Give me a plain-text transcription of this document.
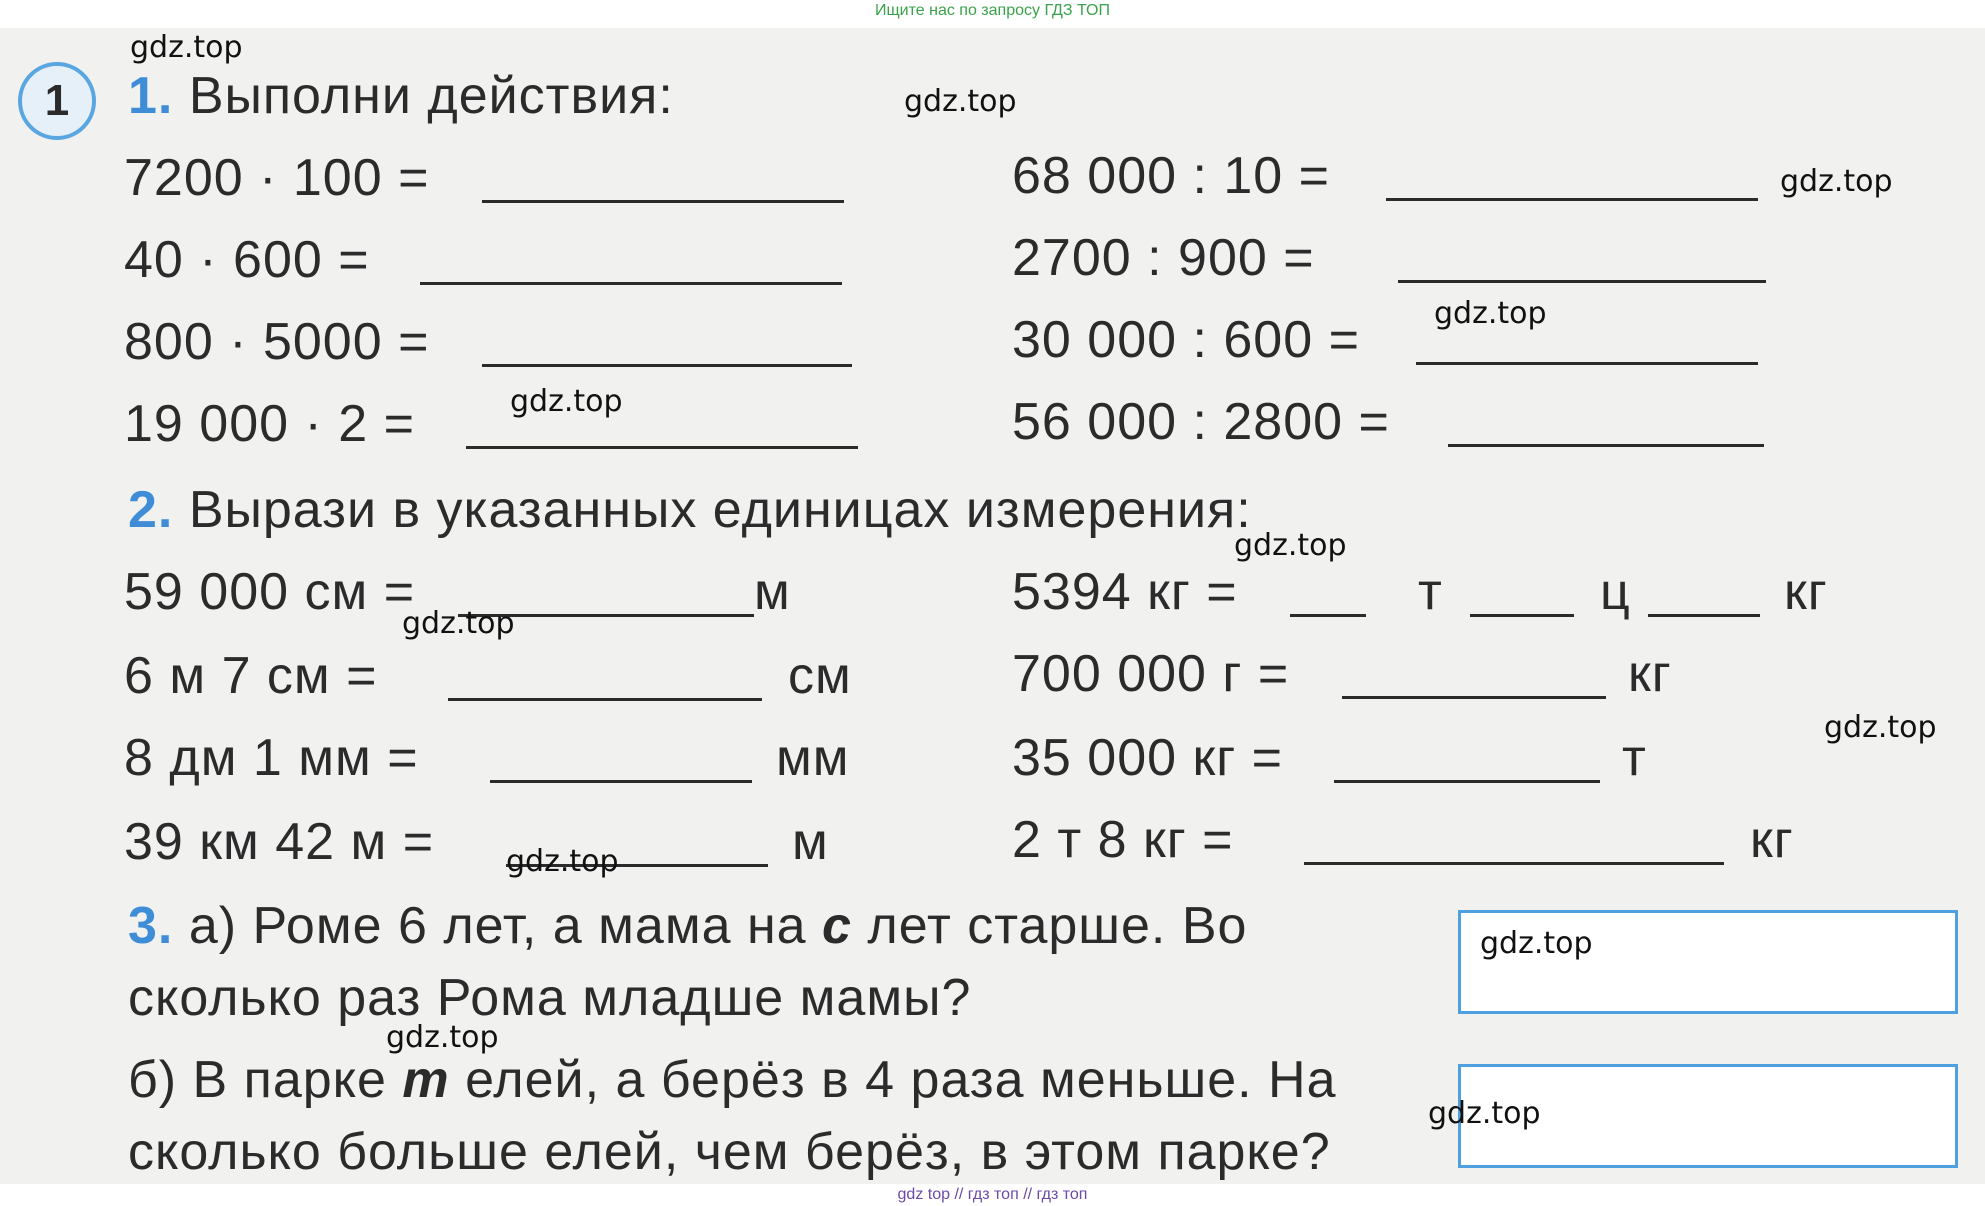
Ищите нас по запросу ГДЗ ТОП
1	1. Выполни действия:
7200 · 100 =
40 · 600 =
800 · 5000 =
19 000 · 2 =
68 000 : 10 =
2700 : 900 =
30 000 : 600 =
56 000 : 2800 =
2. Вырази в указанных единицах измерения:
59 000 см =	м
6 м 7 см =	см
8 дм 1 мм =	мм
39 км 42 м =	м
5394 кг =	т	ц	кг
700 000 г =	кг
35 000 кг =	т
2 т 8 кг =	кг
3. а) Роме 6 лет, а мама на с лет старше. Во
сколько раз Рома младше мамы?
б) В парке m елей, а берёз в 4 раза меньше. На
сколько больше елей, чем берёз, в этом парке?
gdz.top
gdz.top
gdz.top
gdz.top
gdz.top
gdz.top
gdz.top
gdz.top
gdz.top
gdz.top
gdz.top
gdz.top
gdz top // гдз топ // гдз топ
